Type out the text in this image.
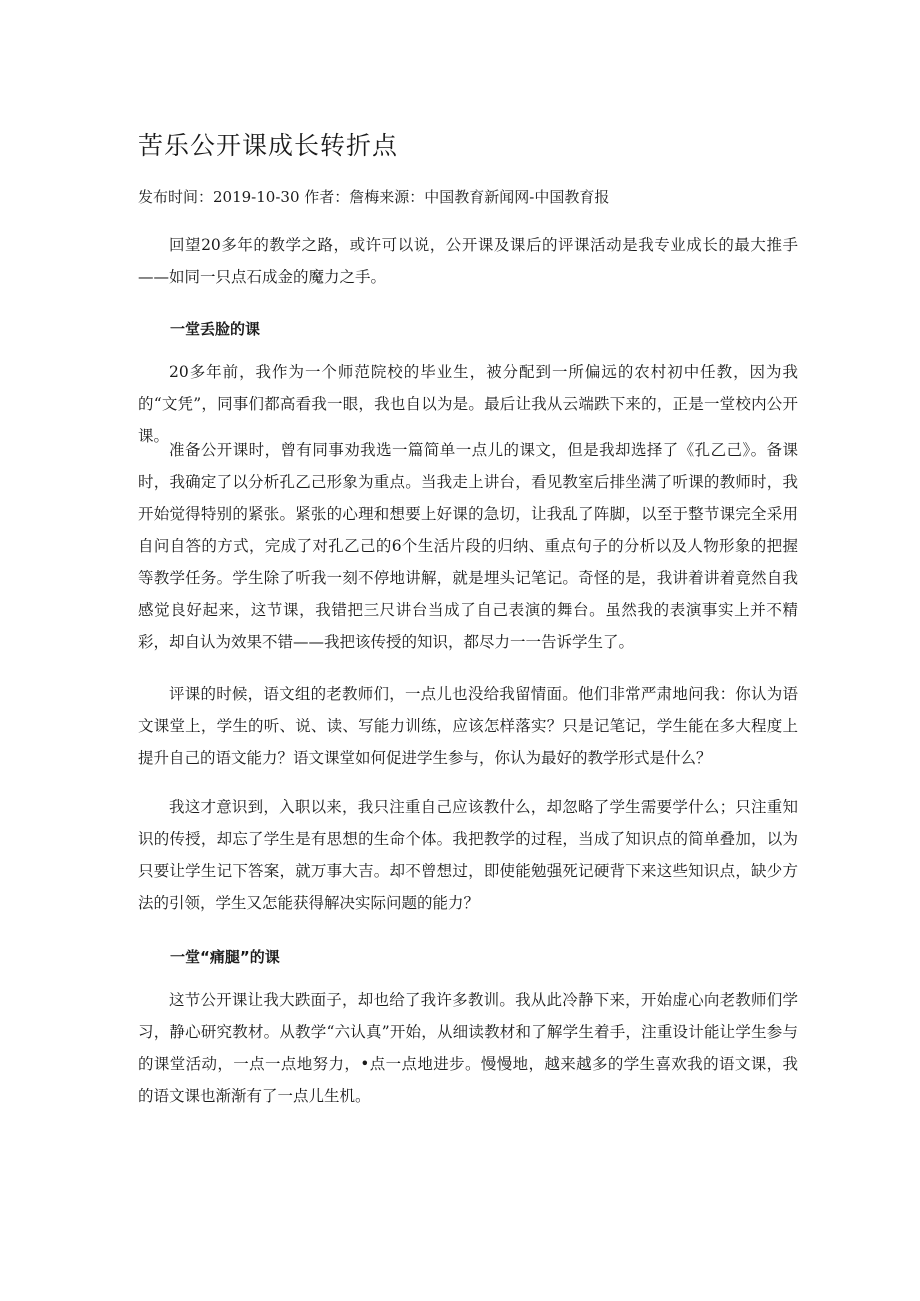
苦乐公开课成长转折点

发布时间：2019-10-30 作者：詹梅来源：中国教育新闻网-中国教育报

回望20多年的教学之路，或许可以说，公开课及课后的评课活动是我专业成长的最大推手——如同一只点石成金的魔力之手。

一堂丢脸的课

20多年前，我作为一个师范院校的毕业生，被分配到一所偏远的农村初中任教，因为我的“文凭”，同事们都高看我一眼，我也自以为是。最后让我从云端跌下来的，正是一堂校内公开课。

准备公开课时，曾有同事劝我选一篇简单一点儿的课文，但是我却选择了《孔乙己》。备课时，我确定了以分析孔乙己形象为重点。当我走上讲台，看见教室后排坐满了听课的教师时，我开始觉得特别的紧张。紧张的心理和想要上好课的急切，让我乱了阵脚，以至于整节课完全采用自问自答的方式，完成了对孔乙己的6个生活片段的归纳、重点句子的分析以及人物形象的把握等教学任务。学生除了听我一刻不停地讲解，就是埋头记笔记。奇怪的是，我讲着讲着竟然自我感觉良好起来，这节课，我错把三尺讲台当成了自己表演的舞台。虽然我的表演事实上并不精彩，却自认为效果不错——我把该传授的知识，都尽力一一告诉学生了。

评课的时候，语文组的老教师们，一点儿也没给我留情面。他们非常严肃地问我：你认为语文课堂上，学生的听、说、读、写能力训练，应该怎样落实？只是记笔记，学生能在多大程度上提升自己的语文能力？语文课堂如何促进学生参与，你认为最好的教学形式是什么？

我这才意识到，入职以来，我只注重自己应该教什么，却忽略了学生需要学什么；只注重知识的传授，却忘了学生是有思想的生命个体。我把教学的过程，当成了知识点的简单叠加，以为只要让学生记下答案，就万事大吉。却不曾想过，即使能勉强死记硬背下来这些知识点，缺少方法的引领，学生又怎能获得解决实际问题的能力？

一堂“痛腿”的课

这节公开课让我大跌面子，却也给了我许多教训。我从此冷静下来，开始虚心向老教师们学习，静心研究教材。从教学“六认真”开始，从细读教材和了解学生着手，注重设计能让学生参与的课堂活动，一点一点地努力，•点一点地进步。慢慢地，越来越多的学生喜欢我的语文课，我的语文课也渐渐有了一点儿生机。
